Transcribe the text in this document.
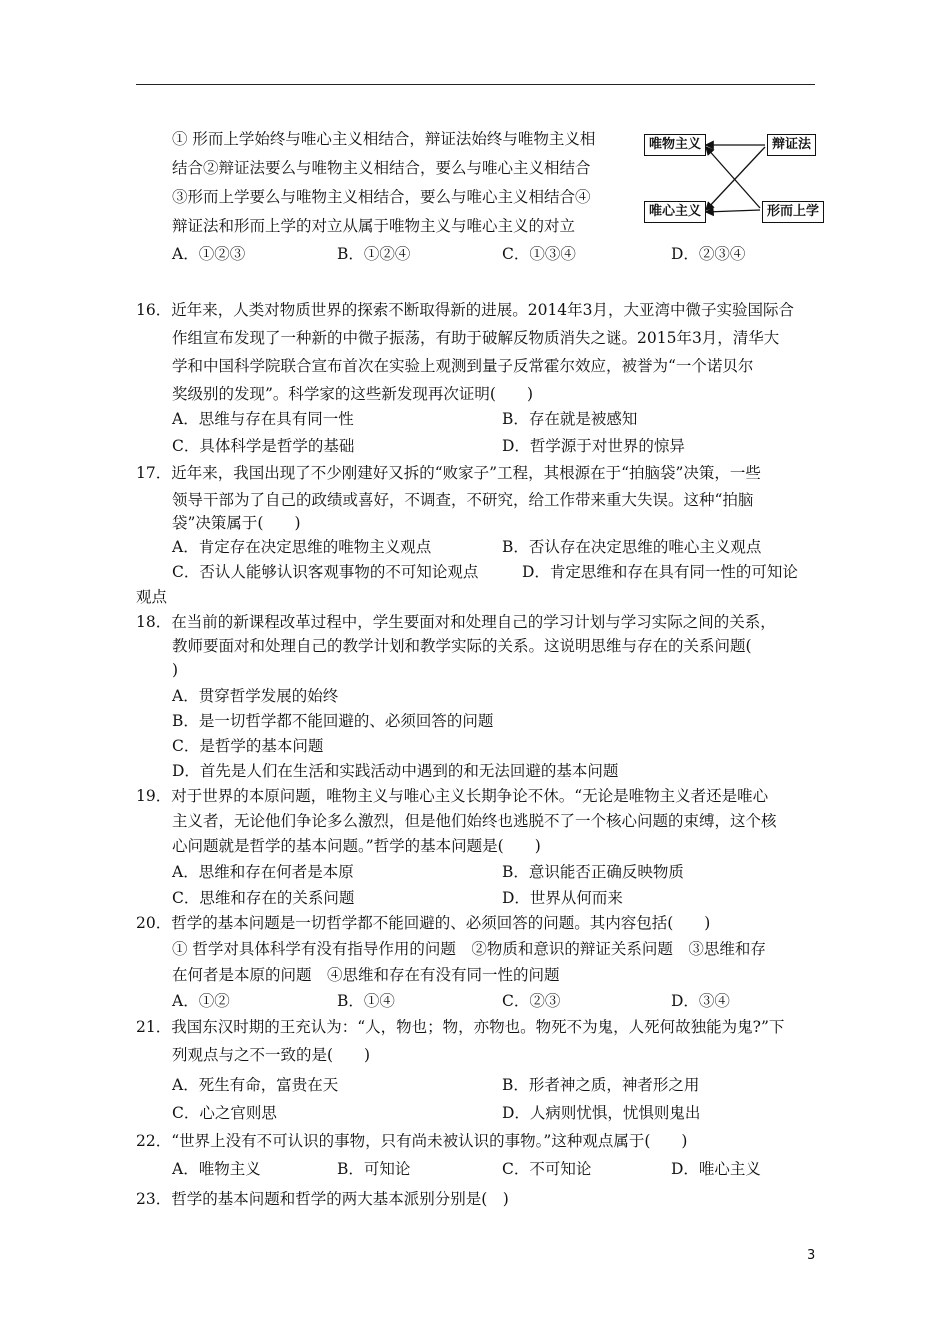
① 形而上学始终与唯心主义相结合，辩证法始终与唯物主义相
结合②辩证法要么与唯物主义相结合，要么与唯心主义相结合
③形而上学要么与唯物主义相结合，要么与唯心主义相结合④
辩证法和形而上学的对立从属于唯物主义与唯心主义的对立
唯物主义
唯心主义
辩证法
形而上学
A．①②③	B．①②④	C．①③④	D．②③④
16．近年来，人类对物质世界的探索不断取得新的进展。2014年3月，大亚湾中微子实验国际合
作组宣布发现了一种新的中微子振荡，有助于破解反物质消失之谜。2015年3月，清华大
学和中国科学院联合宣布首次在实验上观测到量子反常霍尔效应，被誉为“一个诺贝尔
奖级别的发现”。科学家的这些新发现再次证明(　　)
A．思维与存在具有同一性	B．存在就是被感知
C．具体科学是哲学的基础	D．哲学源于对世界的惊异
17．近年来，我国出现了不少刚建好又拆的“败家子”工程，其根源在于“拍脑袋”决策，一些
领导干部为了自己的政绩或喜好，不调查，不研究，给工作带来重大失误。这种“拍脑
袋”决策属于(　　)
A．肯定存在决定思维的唯物主义观点	B．否认存在决定思维的唯心主义观点
C．否认人能够认识客观事物的不可知论观点	D．肯定思维和存在具有同一性的可知论
观点
18．在当前的新课程改革过程中，学生要面对和处理自己的学习计划与学习实际之间的关系，
教师要面对和处理自己的教学计划和教学实际的关系。这说明思维与存在的关系问题(
)
A．贯穿哲学发展的始终
B．是一切哲学都不能回避的、必须回答的问题
C．是哲学的基本问题
D．首先是人们在生活和实践活动中遇到的和无法回避的基本问题
19．对于世界的本原问题，唯物主义与唯心主义长期争论不休。“无论是唯物主义者还是唯心
主义者，无论他们争论多么激烈，但是他们始终也逃脱不了一个核心问题的束缚，这个核
心问题就是哲学的基本问题。”哲学的基本问题是(　　)
A．思维和存在何者是本原	B．意识能否正确反映物质
C．思维和存在的关系问题	D．世界从何而来
20．哲学的基本问题是一切哲学都不能回避的、必须回答的问题。其内容包括(　　)
① 哲学对具体科学有没有指导作用的问题　②物质和意识的辩证关系问题　③思维和存
在何者是本原的问题　④思维和存在有没有同一性的问题
A．①②	B．①④	C．②③	D．③④
21．我国东汉时期的王充认为：“人，物也；物，亦物也。物死不为鬼，人死何故独能为鬼?”下
列观点与之不一致的是(　　)
A．死生有命，富贵在天	B．形者神之质，神者形之用
C．心之官则思	D．人病则忧惧，忧惧则鬼出
22．“世界上没有不可认识的事物，只有尚未被认识的事物。”这种观点属于(　　)
A．唯物主义	B．可知论	C．不可知论	D．唯心主义
23．哲学的基本问题和哲学的两大基本派别分别是(　)
3
